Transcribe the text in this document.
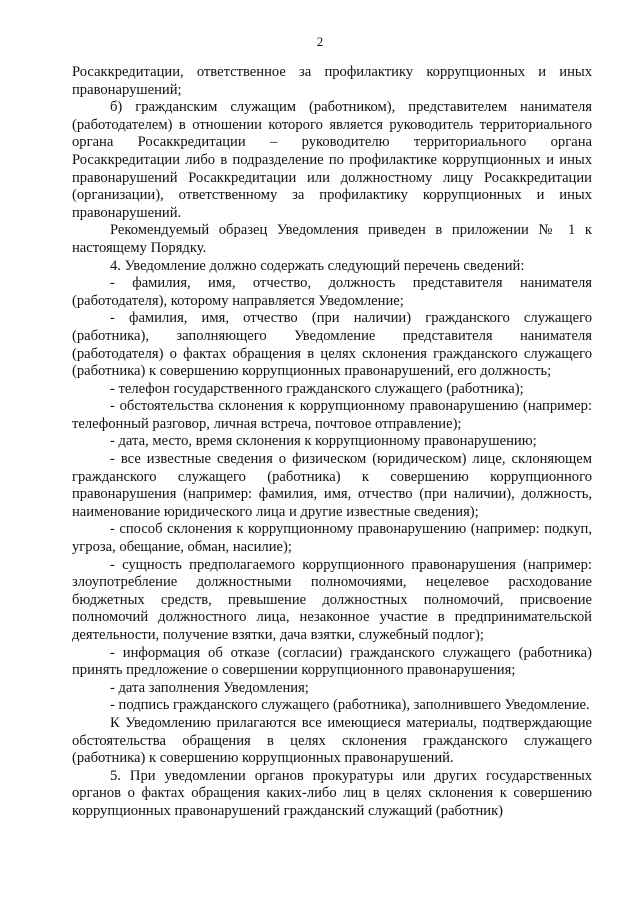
2

Росаккредитации, ответственное за профилактику коррупционных и иных правонарушений;

б) гражданским служащим (работником), представителем нанимателя (работодателем) в отношении которого является руководитель территориального органа Росаккредитации – руководителю территориального органа Росаккредитации либо в подразделение по профилактике коррупционных и иных правонарушений Росаккредитации или должностному лицу Росаккредитации (организации), ответственному за профилактику коррупционных и иных правонарушений.

Рекомендуемый образец Уведомления приведен в приложении № 1 к настоящему Порядку.

4. Уведомление должно содержать следующий перечень сведений:

- фамилия, имя, отчество, должность представителя нанимателя (работодателя), которому направляется Уведомление;

- фамилия, имя, отчество (при наличии) гражданского служащего (работника), заполняющего Уведомление представителя нанимателя (работодателя) о фактах обращения в целях склонения гражданского служащего (работника) к совершению коррупционных правонарушений, его должность;

- телефон государственного гражданского служащего (работника);

- обстоятельства склонения к коррупционному правонарушению (например: телефонный разговор, личная встреча, почтовое отправление);

- дата, место, время склонения к коррупционному правонарушению;

- все известные сведения о физическом (юридическом) лице, склоняющем гражданского служащего (работника) к совершению коррупционного правонарушения (например: фамилия, имя, отчество (при наличии), должность, наименование юридического лица и другие известные сведения);

- способ склонения к коррупционному правонарушению (например: подкуп, угроза, обещание, обман, насилие);

- сущность предполагаемого коррупционного правонарушения (например: злоупотребление должностными полномочиями, нецелевое расходование бюджетных средств, превышение должностных полномочий, присвоение полномочий должностного лица, незаконное участие в предпринимательской деятельности, получение взятки, дача взятки, служебный подлог);

- информация об отказе (согласии) гражданского служащего (работника) принять предложение о совершении коррупционного правонарушения;

- дата заполнения Уведомления;

- подпись гражданского служащего (работника), заполнившего Уведомление.

К Уведомлению прилагаются все имеющиеся материалы, подтверждающие обстоятельства обращения в целях склонения гражданского служащего (работника) к совершению коррупционных правонарушений.

5. При уведомлении органов прокуратуры или других государственных органов о фактах обращения каких-либо лиц в целях склонения к совершению коррупционных правонарушений гражданский служащий (работник)
